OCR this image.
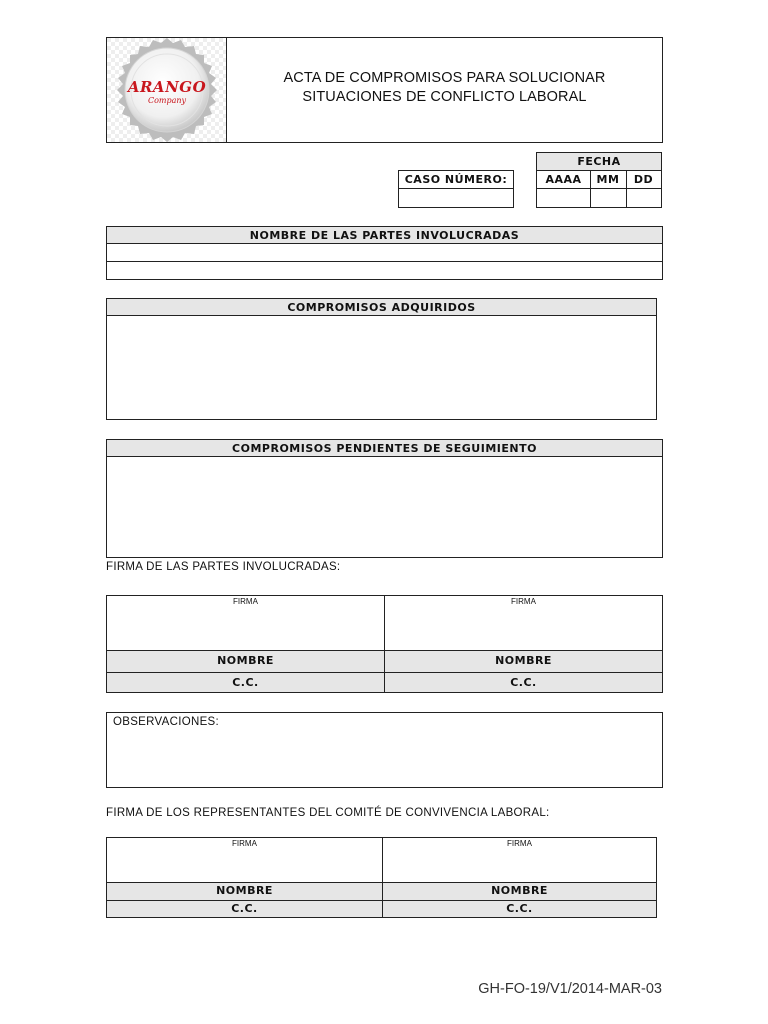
ARANGO
Company
ACTA DE COMPROMISOS PARA SOLUCIONAR
SITUACIONES DE CONFLICTO LABORAL
CASO NÚMERO:
FECHA
AAAA	MM	DD
NOMBRE DE LAS PARTES INVOLUCRADAS
COMPROMISOS ADQUIRIDOS
COMPROMISOS PENDIENTES DE SEGUIMIENTO
FIRMA DE LAS PARTES INVOLUCRADAS:
FIRMA	FIRMA
NOMBRE	NOMBRE
C.C.	C.C.
OBSERVACIONES:
FIRMA DE LOS REPRESENTANTES DEL COMITÉ DE CONVIVENCIA LABORAL:
FIRMA	FIRMA
NOMBRE	NOMBRE
C.C.	C.C.
GH-FO-19/V1/2014-MAR-03
